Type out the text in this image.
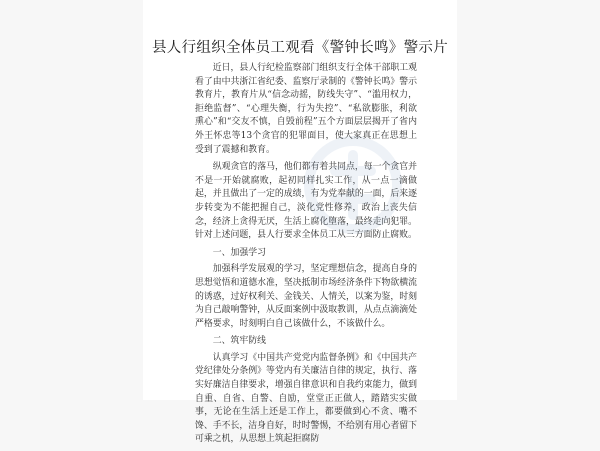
县人行组织全体员工观看《警钟长鸣》警示片

近日，县人行纪检监察部门组织支行全体干部职工观看了由中共浙江省纪委、监察厅录制的《警钟长鸣》警示教育片，教育片从“信念动摇，防线失守”、“滥用权力，拒绝监督”、“心理失衡，行为失控”、“私欲膨胀，利欲熏心”和“交友不慎，自毁前程”五个方面层层揭开了省内外王怀忠等13个贪官的犯罪面目，使大家真正在思想上受到了震撼和教育。

纵观贪官的落马，他们都有着共同点，每一个贪官并不是一开始就腐败，起初同样扎实工作，从一点一滴做起，并且做出了一定的成绩，有为党奉献的一面，后来逐步转变为不能把握自己，淡化党性修养，政治上丧失信念，经济上贪得无厌，生活上腐化堕落，最终走向犯罪。针对上述问题，县人行要求全体员工从三方面防止腐败。

一、加强学习

加强科学发展观的学习，坚定理想信念，提高自身的思想觉悟和道德水准，坚决抵制市场经济条件下物欲横流的诱惑，过好权利关、金钱关、人情关，以案为鉴，时刻为自己敲响警钟，从反面案例中汲取教训，从点点滴滴处严格要求，时刻明白自己该做什么，不该做什么。

二、筑牢防线

认真学习《中国共产党党内监督条例》和《中国共产党纪律处分条例》等党内有关廉洁自律的规定，执行、落实好廉洁自律要求，增强自律意识和自我约束能力，做到自重、自省、自警、自励，堂堂正正做人，踏踏实实做事，无论在生活上还是工作上，都要做到心不贪、嘴不馋、手不长，洁身自好，时时警惕，不给别有用心者留下可乘之机，从思想上筑起拒腐防
